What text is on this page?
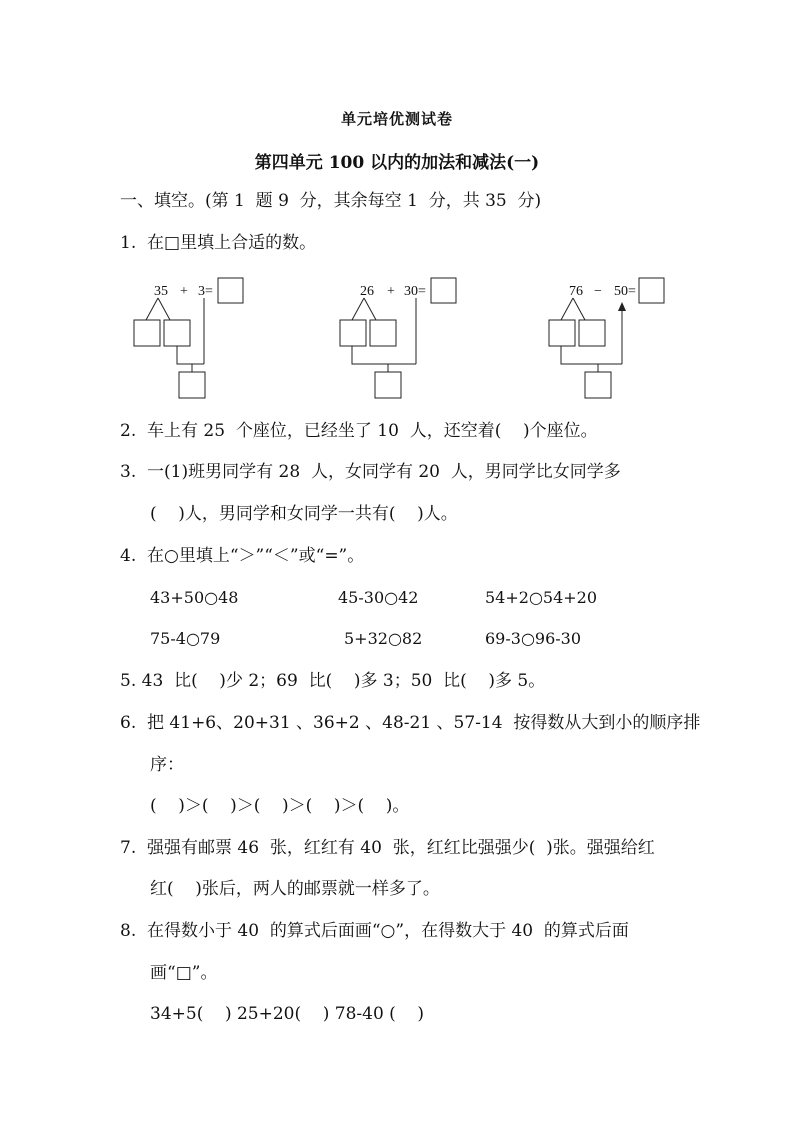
单元培优测试卷
第四单元 100 以内的加法和减法(一)
一、填空。(第 1  题 9  分，其余每空 1  分，共 35  分)
1.  在□里填上合适的数。
35 + 3=	26 + 30=	76 − 50=
2.  车上有 25  个座位，已经坐了 10  人，还空着(    )个座位。
3.  一(1)班男同学有 28  人，女同学有 20  人，男同学比女同学多
(    )人，男同学和女同学一共有(    )人。
4.  在○里填上“＞”“＜”或“=”。
43+50○48	45-30○42	54+2○54+20
75-4○79	5+32○82	69-3○96-30
5. 43  比(    )少 2；69  比(    )多 3；50  比(    )多 5。
6.  把 41+6、20+31 、36+2 、48-21 、57-14  按得数从大到小的顺序排
序：
(    )＞(    )＞(    )＞(    )＞(    )。
7.  强强有邮票 46  张，红红有 40  张，红红比强强少(  )张。强强给红
红(    )张后，两人的邮票就一样多了。
8.  在得数小于 40  的算式后面画“○”，在得数大于 40  的算式后面
画“□”。
34+5(    ) 25+20(    ) 78-40 (    )
